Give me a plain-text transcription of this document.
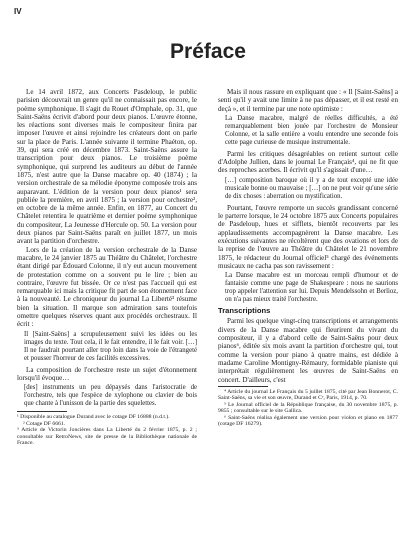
IV
Préface

Le 14 avril 1872, aux Concerts Pasdeloup, le public parisien découvrait un genre qu'il ne connaissait pas encore, le poème symphonique. Il s'agit du Rouet d'Omphale, op. 31, que Saint-Saëns écrivit d'abord pour deux pianos. L'œuvre étonne, les réactions sont diverses mais le compositeur finira par imposer l'œuvre et ainsi rejoindre les créateurs dont on parle sur la place de Paris. L'année suivante il termine Phaéton, op. 39, qui sera créé en décembre 1873. Saint-Saëns assure la transcription pour deux pianos. Le troisième poème symphonique, qui surprend les auditeurs au début de l'année 1875, n'est autre que la Danse macabre op. 40 (1874) ; la version orchestrale de sa mélodie éponyme composée trois ans auparavant. L'édition de la version pour deux pianos¹ sera publiée la première, en avril 1875 ; la version pour orchestre², en octobre de la même année. Enfin, en 1877, au Concert du Châtelet retentira le quatrième et dernier poème symphonique du compositeur, La Jeunesse d'Hercule op. 50. La version pour deux pianos par Saint-Saëns paraît en juillet 1877, un mois avant la partition d'orchestre.

Lors de la création de la version orchestrale de la Danse macabre, le 24 janvier 1875 au Théâtre du Châtelet, l'orchestre étant dirigé par Édouard Colonne, il n'y eut aucun mouvement de protestation comme on a souvent pu le lire ; bien au contraire, l'œuvre fut bissée. Or ce n'est pas l'accueil qui est remarquable ici mais la critique fit part de son étonnement face à la nouveauté. Le chroniqueur du journal La Liberté³ résume bien la situation. Il marque son admiration sans toutefois omettre quelques réserves quant aux procédés orchestraux. Il écrit :

Il [Saint-Saëns] a scrupuleusement suivi les idées ou les images du texte. Tout cela, il le fait entendre, il le fait voir. […] Il ne faudrait pourtant aller trop loin dans la voie de l'étrangeté et pousser l'horreur de ces facilités excessives.

La composition de l'orchestre reste un sujet d'étonnement lorsqu'il évoque…

[des] instruments un peu dépaysés dans l'aristocratie de l'orchestre, tels que l'espèce de xylophone ou clavier de bois que chante à l'unisson de la partie des squelettes.

¹ Disponible au catalogue Durand avec le cotage DF 16888 (n.d.t.).

² Cotage DF 6661.

³ Article de Victorin Joncières dans La Liberté du 2 février 1875, p. 2 ; consultable sur RetroNews, site de presse de la Bibliothèque nationale de France.

Mais il nous rassure en expliquant que : « Il [Saint-Saëns] a senti qu'il y avait une limite à ne pas dépasser, et il est resté en deçà », et il termine par une note optimiste :

La Danse macabre, malgré de réelles difficultés, a été remarquablement bien jouée par l'orchestre de Monsieur Colonne, et la salle entière a voulu entendre une seconde fois cette page curieuse de musique instrumentale.

Parmi les critiques désagréables on retient surtout celle d'Adolphe Jullien, dans le journal Le Français⁴, qui ne fit que des reproches acerbes. Il écrivit qu'il s'agissait d'une…

[…] composition baroque où il y a de tout excepté une idée musicale bonne ou mauvaise ; […] on ne peut voir qu'une série de dix choses : aberration ou mystification.

Pourtant, l'œuvre remporte un succès grandissant concerné le parterre lorsque, le 24 octobre 1875 aux Concerts populaires de Pasdeloup, hues et sifflets, bientôt recouverts par les applaudissements accompagnèrent la Danse macabre. Les exécutions suivantes ne récoltèrent que des ovations et lors de la reprise de l'œuvre au Théâtre du Châtelet le 21 novembre 1875, le rédacteur du Journal officiel⁵ chargé des événements musicaux ne cacha pas son ravissement :

La Danse macabre est un morceau rempli d'humour et de fantaisie comme une page de Shakespeare : nous ne saurions trop appeler l'attention sur lui. Depuis Mendelssohn et Berlioz, on n'a pas mieux traité l'orchestre.

Transcriptions

Parmi les quelque vingt-cinq transcriptions et arrangements divers de la Danse macabre qui fleurirent du vivant du compositeur, il y a d'abord celle de Saint-Saëns pour deux pianos⁶, éditée six mois avant la partition d'orchestre qui, tout comme la version pour piano à quatre mains, est dédiée à madame Caroline Montigny-Rémaury, formidable pianiste qui interprétait régulièrement les œuvres de Saint-Saëns en concert. D'ailleurs, c'est

⁴ Article du journal Le Français du 5 juillet 1875, cité par Jean Bonnerot, C. Saint-Saëns, sa vie et son œuvre, Durand et Cᵉ, Paris, 1914, p. 70.

⁵ Le Journal officiel de la République française, du 30 novembre 1875, p. 9855 ; consultable sur le site Gallica.

⁶ Saint-Saëns réalisa également une version pour violon et piano en 1877 (cotage DF 16279).
